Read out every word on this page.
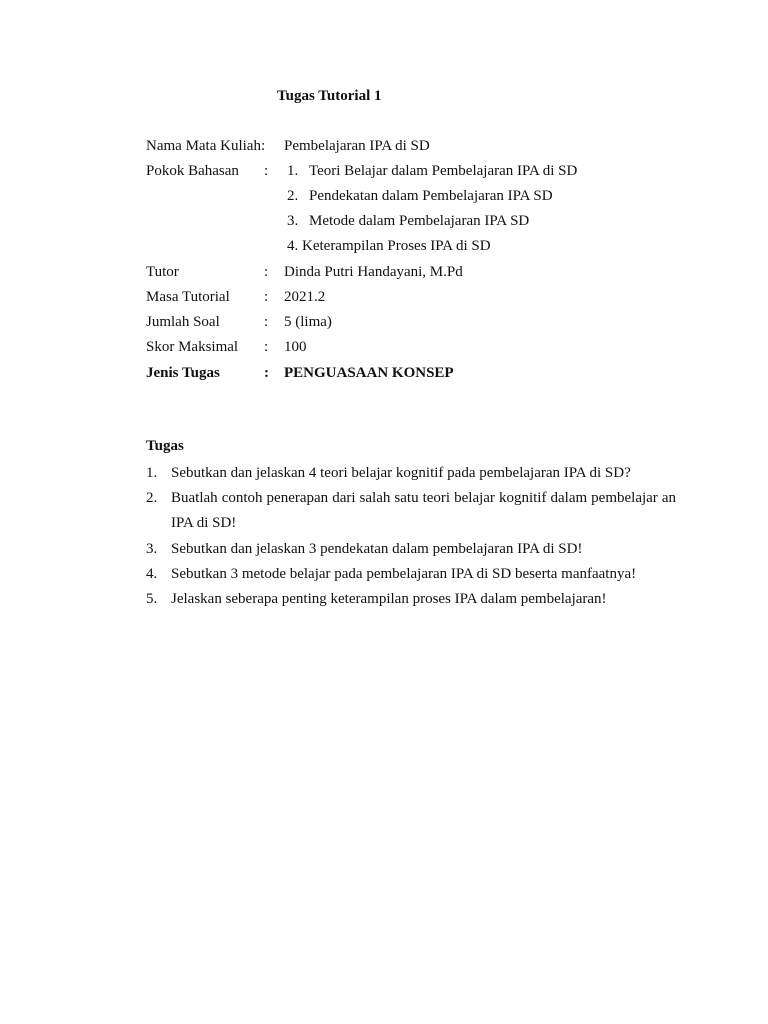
Tugas Tutorial 1
Nama Mata Kuliah: Pembelajaran IPA di SD
Pokok Bahasan : 1. Teori Belajar dalam Pembelajaran IPA di SD
2. Pendekatan dalam Pembelajaran IPA SD
3. Metode dalam Pembelajaran IPA SD
4. Keterampilan Proses IPA di SD
Tutor	: Dinda Putri Handayani, M.Pd
Masa Tutorial : 2021.2
Jumlah Soal	: 5 (lima)
Skor Maksimal : 100
Jenis Tugas	: PENGUASAAN KONSEP
Tugas
1. Sebutkan dan jelaskan 4 teori belajar kognitif pada pembelajaran IPA di SD?
2. Buatlah contoh penerapan dari salah satu teori belajar kognitif dalam pembelajar an IPA di SD!
3. Sebutkan dan jelaskan 3 pendekatan dalam pembelajaran IPA di SD!
4. Sebutkan 3 metode belajar pada pembelajaran IPA di SD beserta manfaatnya!
5. Jelaskan seberapa penting keterampilan proses IPA dalam pembelajaran!
